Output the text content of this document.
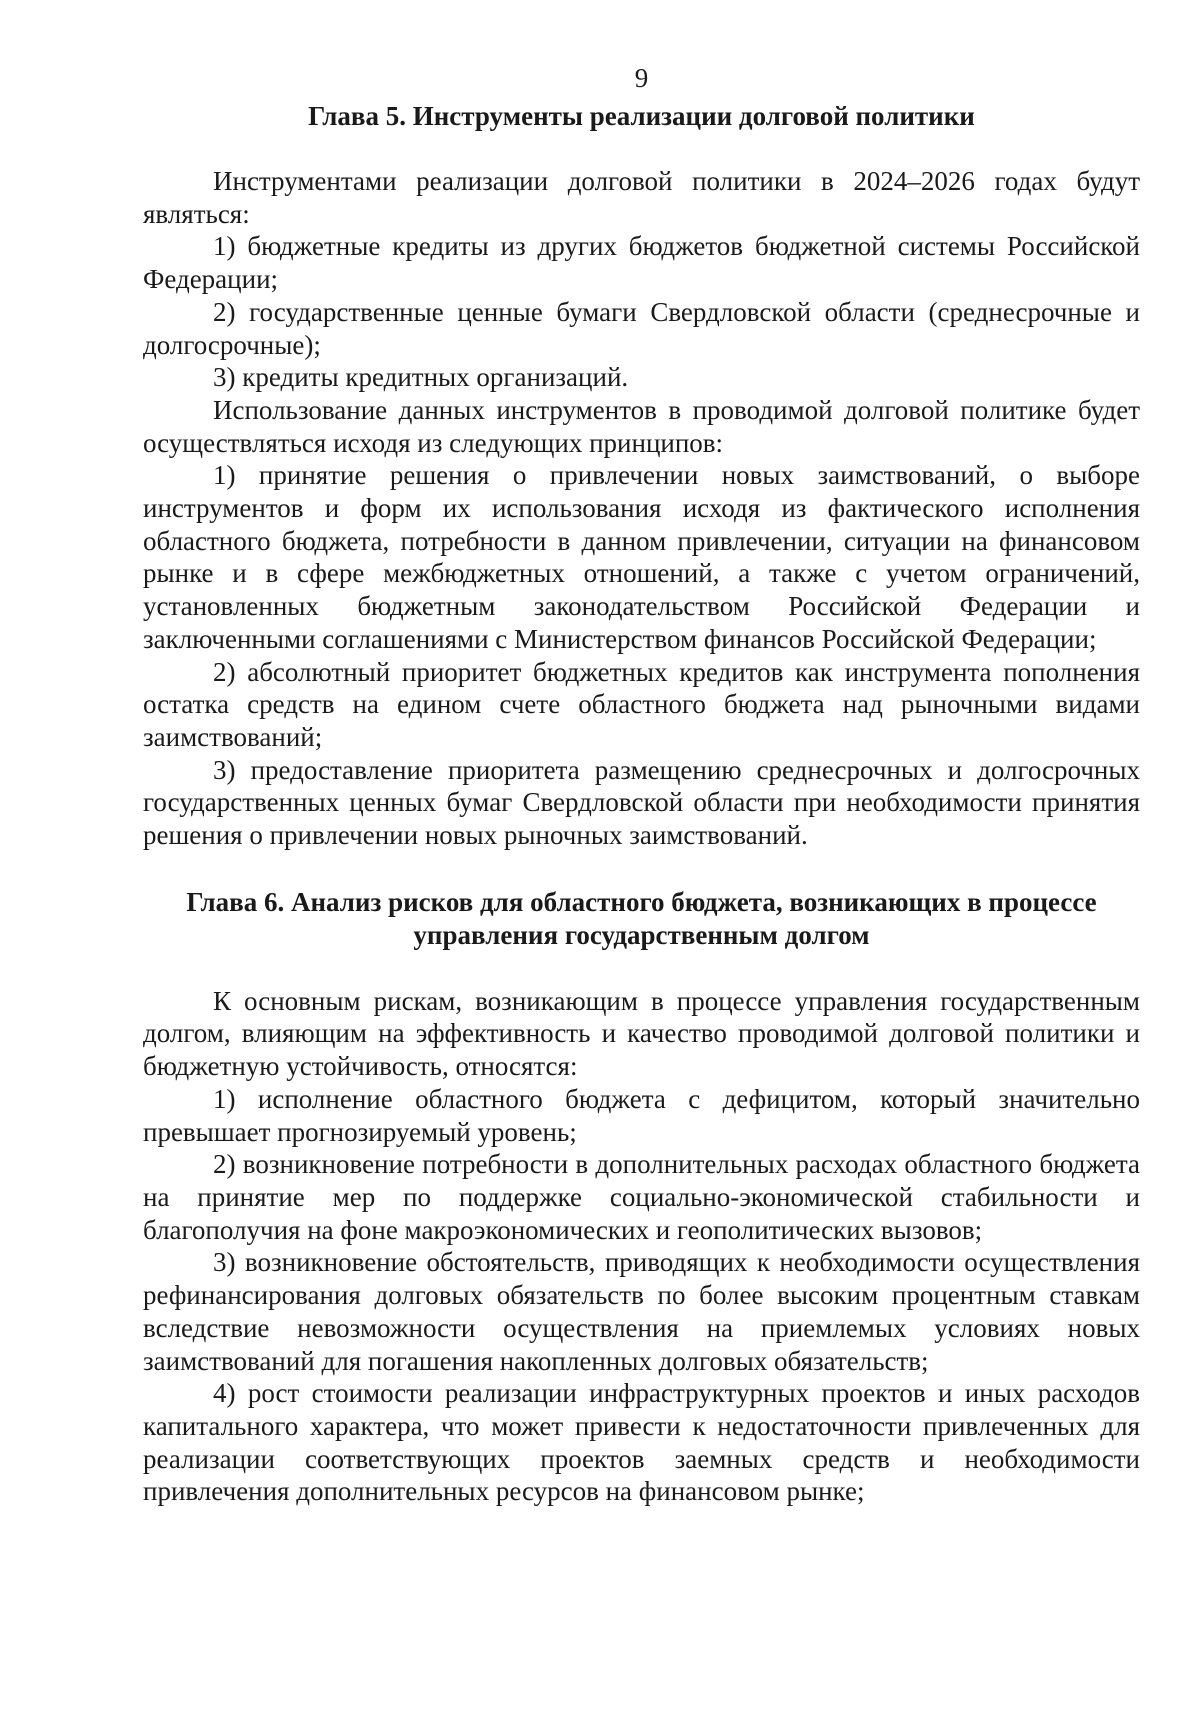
9
Глава 5. Инструменты реализации долговой политики

Инструментами реализации долговой политики в 2024–2026 годах будут являться:

1) бюджетные кредиты из других бюджетов бюджетной системы Российской Федерации;

2) государственные ценные бумаги Свердловской области (среднесрочные и долгосрочные);

3) кредиты кредитных организаций.

Использование данных инструментов в проводимой долговой политике будет осуществляться исходя из следующих принципов:

1) принятие решения о привлечении новых заимствований, о выборе инструментов и форм их использования исходя из фактического исполнения областного бюджета, потребности в данном привлечении, ситуации на финансовом рынке и в сфере межбюджетных отношений, а также с учетом ограничений, установленных бюджетным законодательством Российской Федерации и заключенными соглашениями с Министерством финансов Российской Федерации;

2) абсолютный приоритет бюджетных кредитов как инструмента пополнения остатка средств на едином счете областного бюджета над рыночными видами заимствований;

3) предоставление приоритета размещению среднесрочных и долгосрочных государственных ценных бумаг Свердловской области при необходимости принятия решения о привлечении новых рыночных заимствований.

Глава 6. Анализ рисков для областного бюджета, возникающих в процессе
управления государственным долгом

К основным рискам, возникающим в процессе управления государственным долгом, влияющим на эффективность и качество проводимой долговой политики и бюджетную устойчивость, относятся:

1) исполнение областного бюджета с дефицитом, который значительно превышает прогнозируемый уровень;

2) возникновение потребности в дополнительных расходах областного бюджета на принятие мер по поддержке социально-экономической стабильности и благополучия на фоне макроэкономических и геополитических вызовов;

3) возникновение обстоятельств, приводящих к необходимости осуществления рефинансирования долговых обязательств по более высоким процентным ставкам вследствие невозможности осуществления на приемлемых условиях новых заимствований для погашения накопленных долговых обязательств;

4) рост стоимости реализации инфраструктурных проектов и иных расходов капитального характера, что может привести к недостаточности привлеченных для реализации соответствующих проектов заемных средств и необходимости привлечения дополнительных ресурсов на финансовом рынке;
